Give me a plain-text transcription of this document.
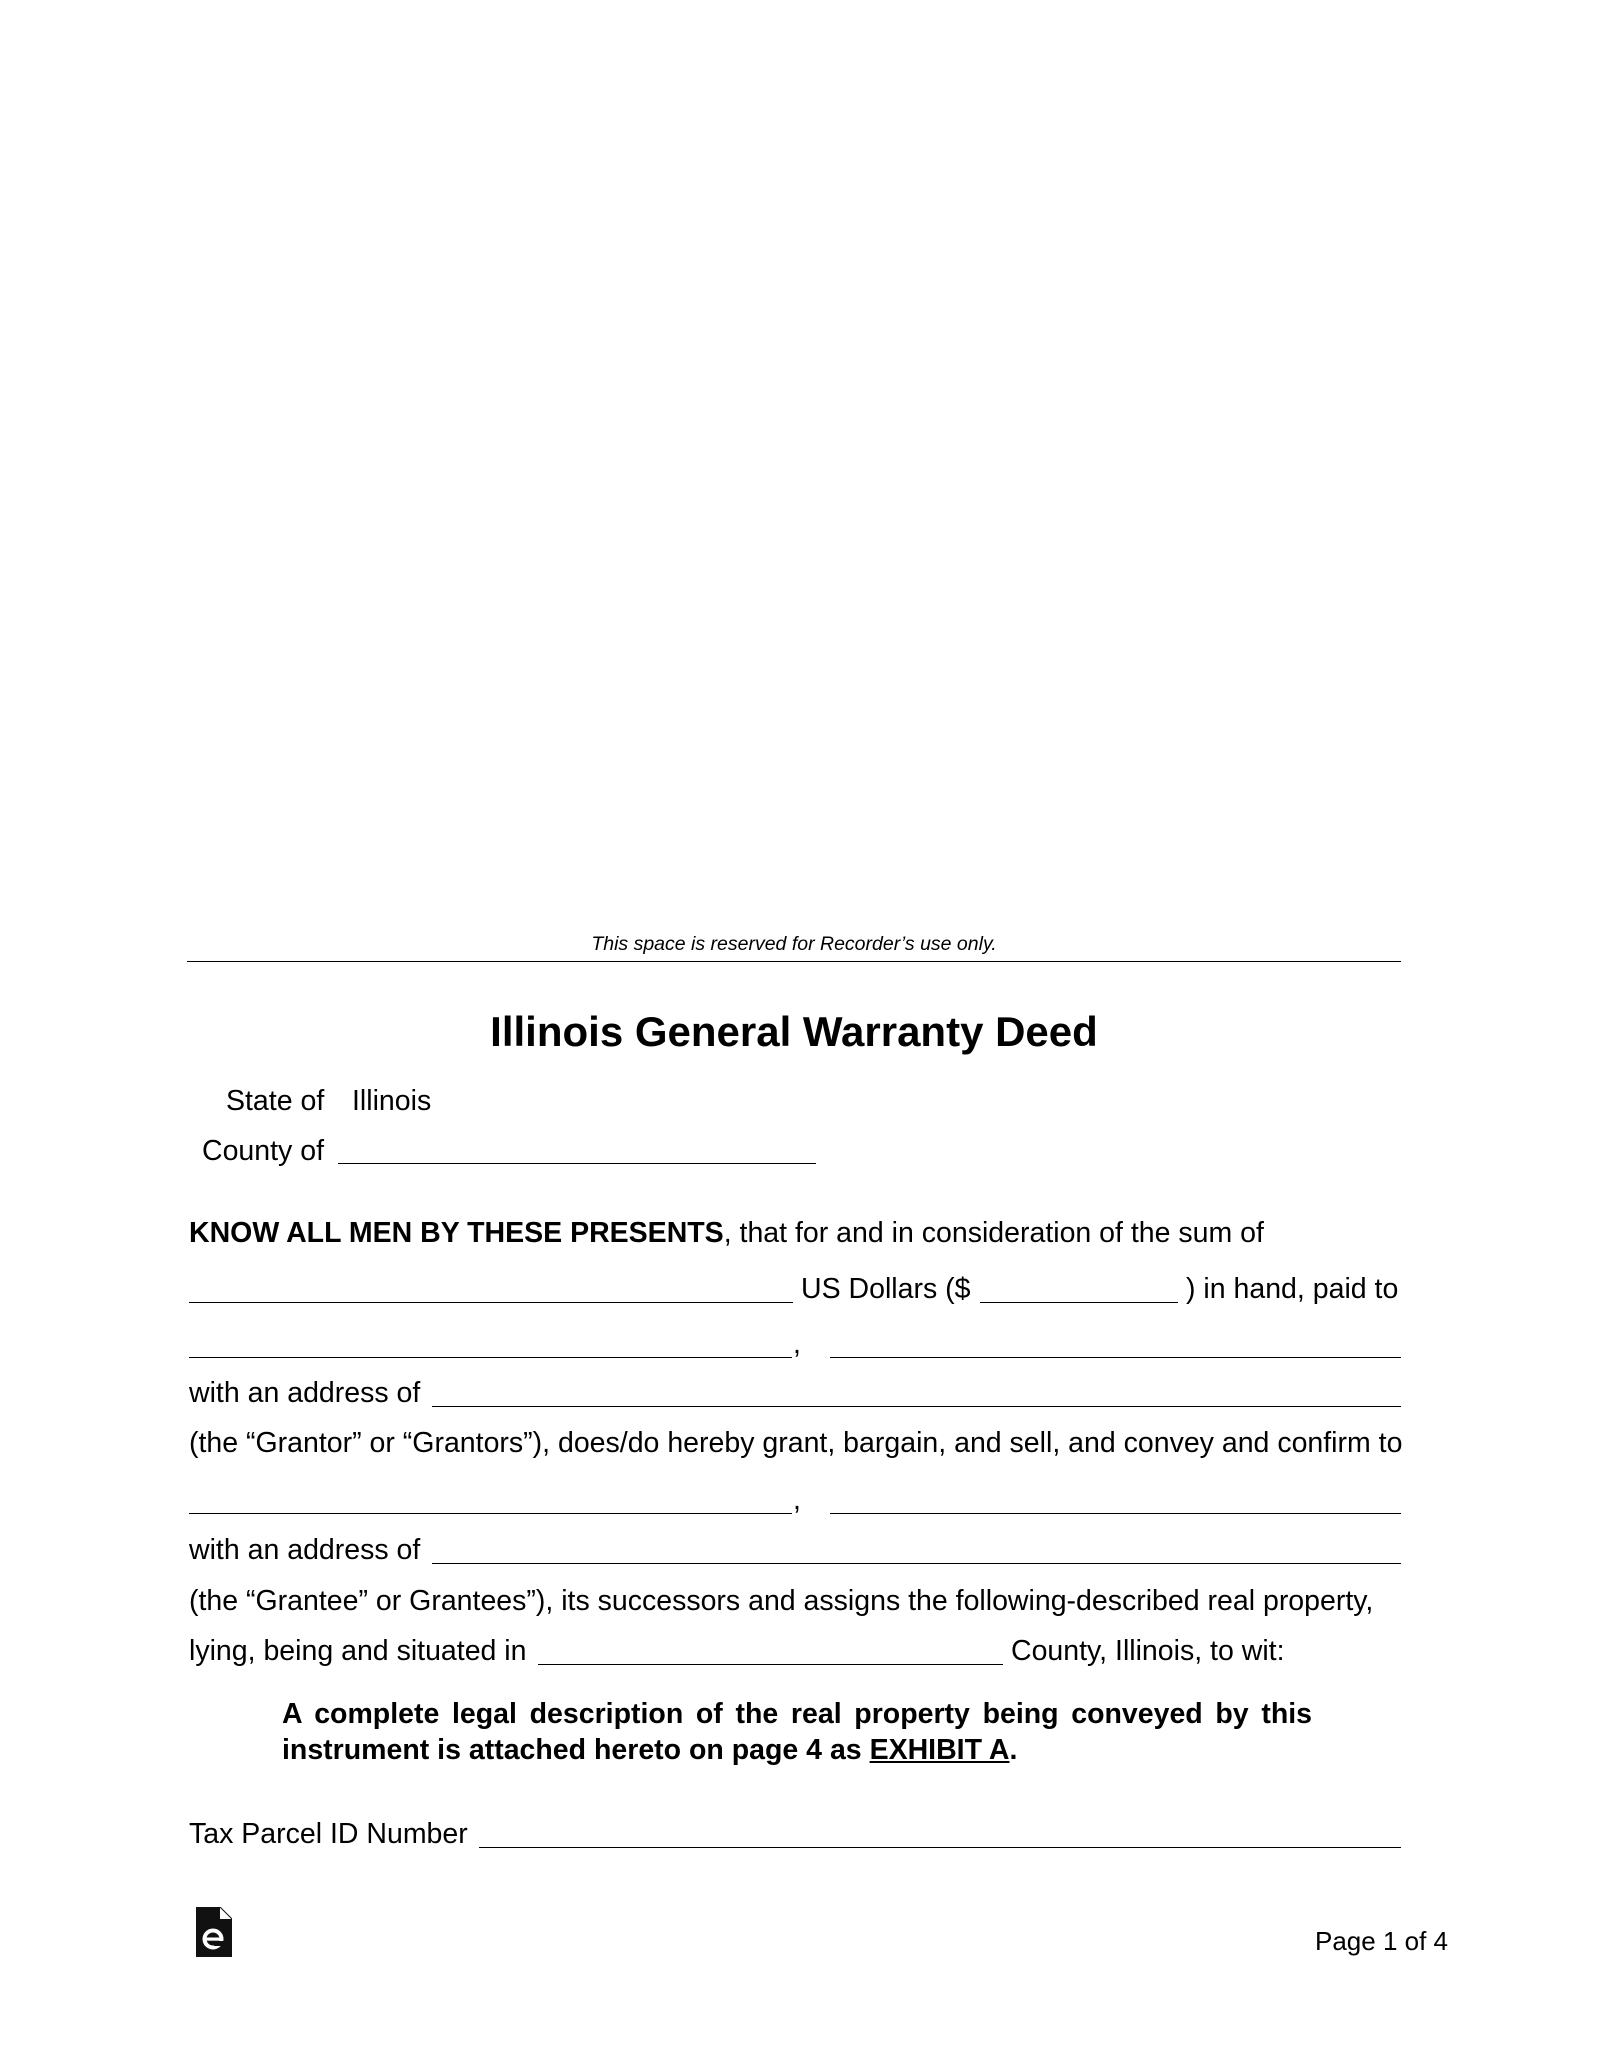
This space is reserved for Recorder’s use only.
Illinois General Warranty Deed
State of Illinois
County of
KNOW ALL MEN BY THESE PRESENTS, that for and in consideration of the sum of
US Dollars ($	) in hand, paid to
,
with an address of
(the “Grantor” or “Grantors”), does/do hereby grant, bargain, and sell, and convey and confirm to
,
with an address of
(the “Grantee” or Grantees”), its successors and assigns the following-described real property,
lying, being and situated in	County, Illinois, to wit:
A complete legal description of the real property being conveyed by this instrument is attached hereto on page 4 as EXHIBIT A.
Tax Parcel ID Number
Page 1 of 4
